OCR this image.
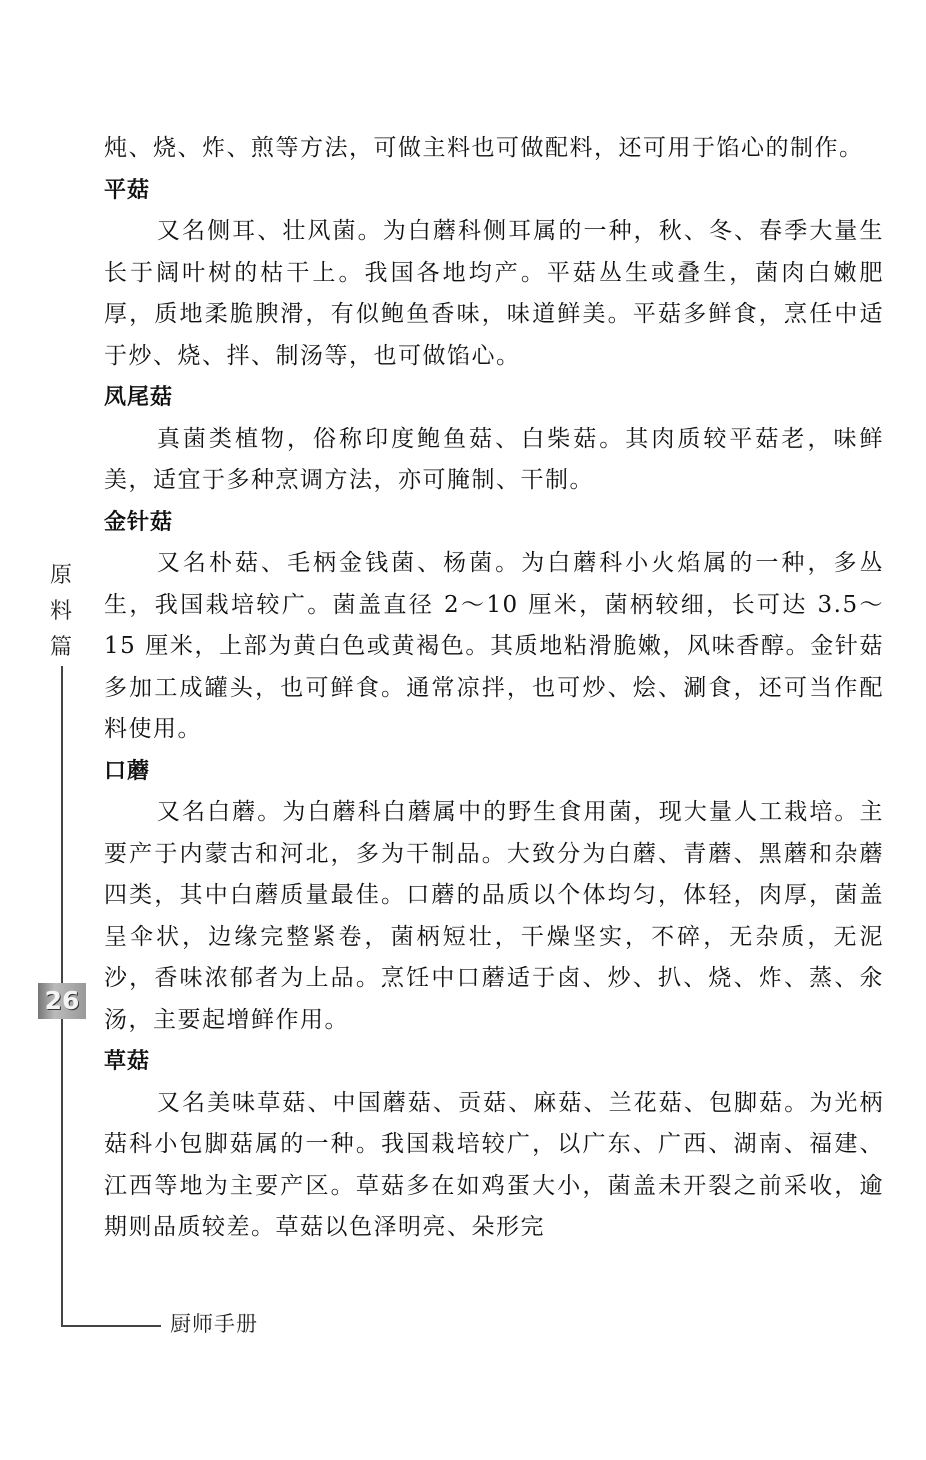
炖、烧、炸、煎等方法，可做主料也可做配料，还可用于馅心的制作。

平菇

又名侧耳、壮风菌。为白蘑科侧耳属的一种，秋、冬、春季大量生长于阔叶树的枯干上。我国各地均产。平菇丛生或叠生，菌肉白嫩肥厚，质地柔脆腴滑，有似鲍鱼香味，味道鲜美。平菇多鲜食，烹任中适于炒、烧、拌、制汤等，也可做馅心。

凤尾菇

真菌类植物，俗称印度鲍鱼菇、白柴菇。其肉质较平菇老，味鲜美，适宜于多种烹调方法，亦可腌制、干制。

金针菇

又名朴菇、毛柄金钱菌、杨菌。为白蘑科小火焰属的一种，多丛生，我国栽培较广。菌盖直径 2～10 厘米，菌柄较细，长可达 3.5～15 厘米，上部为黄白色或黄褐色。其质地粘滑脆嫩，风味香醇。金针菇多加工成罐头，也可鲜食。通常凉拌，也可炒、烩、涮食，还可当作配料使用。

口蘑

又名白蘑。为白蘑科白蘑属中的野生食用菌，现大量人工栽培。主要产于内蒙古和河北，多为干制品。大致分为白蘑、青蘑、黑蘑和杂蘑四类，其中白蘑质量最佳。口蘑的品质以个体均匀，体轻，肉厚，菌盖呈伞状，边缘完整紧卷，菌柄短壮，干燥坚实，不碎，无杂质，无泥沙，香味浓郁者为上品。烹饪中口蘑适于卤、炒、扒、烧、炸、蒸、氽汤，主要起增鲜作用。

草菇

又名美味草菇、中国蘑菇、贡菇、麻菇、兰花菇、包脚菇。为光柄菇科小包脚菇属的一种。我国栽培较广，以广东、广西、湖南、福建、江西等地为主要产区。草菇多在如鸡蛋大小，菌盖未开裂之前采收，逾期则品质较差。草菇以色泽明亮、朵形完

原
料
篇
26
厨师手册
